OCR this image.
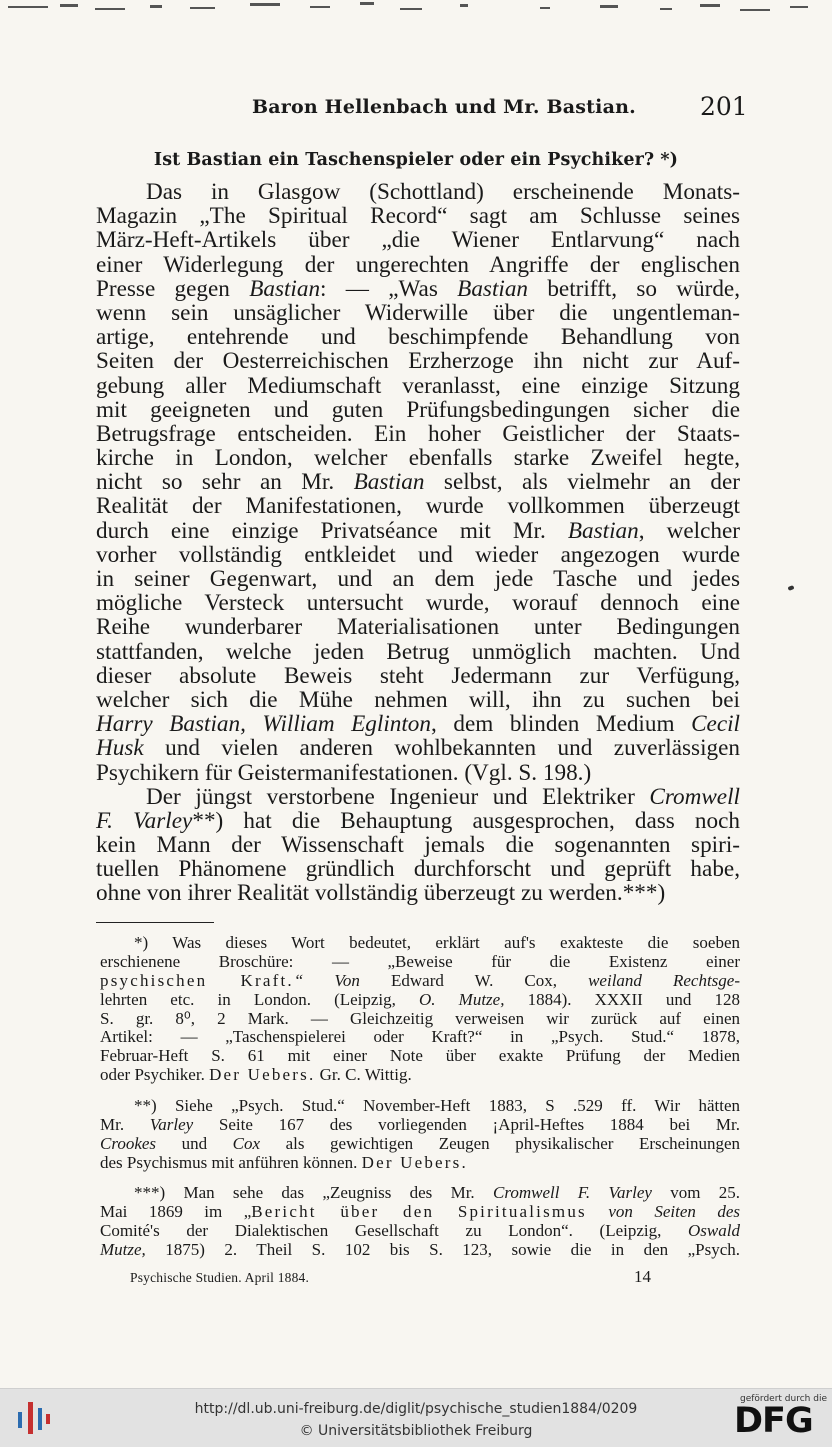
Baron Hellenbach und Mr. Bastian.	201
Ist Bastian ein Taschenspieler oder ein Psychiker? *)
Das in Glasgow (Schottland) erscheinende Monats-
Magazin „The Spiritual Record“ sagt am Schlusse seines
März-Heft-Artikels über „die Wiener Entlarvung“ nach
einer Widerlegung der ungerechten Angriffe der englischen
Presse gegen Bastian: — „Was Bastian betrifft, so würde,
wenn sein unsäglicher Widerwille über die ungentleman-
artige, entehrende und beschimpfende Behandlung von
Seiten der Oesterreichischen Erzherzoge ihn nicht zur Auf-
gebung aller Mediumschaft veranlasst, eine einzige Sitzung
mit geeigneten und guten Prüfungsbedingungen sicher die
Betrugsfrage entscheiden. Ein hoher Geistlicher der Staats-
kirche in London, welcher ebenfalls starke Zweifel hegte,
nicht so sehr an Mr. Bastian selbst, als vielmehr an der
Realität der Manifestationen, wurde vollkommen überzeugt
durch eine einzige Privatséance mit Mr. Bastian, welcher
vorher vollständig entkleidet und wieder angezogen wurde
in seiner Gegenwart, und an dem jede Tasche und jedes
mögliche Versteck untersucht wurde, worauf dennoch eine
Reihe wunderbarer Materialisationen unter Bedingungen
stattfanden, welche jeden Betrug unmöglich machten. Und
dieser absolute Beweis steht Jedermann zur Verfügung,
welcher sich die Mühe nehmen will, ihn zu suchen bei
Harry Bastian, William Eglinton, dem blinden Medium Cecil
Husk und vielen anderen wohlbekannten und zuverlässigen
Psychikern für Geistermanifestationen. (Vgl. S. 198.)
Der jüngst verstorbene Ingenieur und Elektriker Cromwell
F. Varley**) hat die Behauptung ausgesprochen, dass noch
kein Mann der Wissenschaft jemals die sogenannten spiri-
tuellen Phänomene gründlich durchforscht und geprüft habe,
ohne von ihrer Realität vollständig überzeugt zu werden.***)
*) Was dieses Wort bedeutet, erklärt auf's exakteste die soeben
erschienene Broschüre: — „Beweise für die Existenz einer
psychischen Kraft.“ Von Edward W. Cox, weiland Rechtsge-
lehrten etc. in London. (Leipzig, O. Mutze, 1884). XXXII und 128
S. gr. 8⁰, 2 Mark. — Gleichzeitig verweisen wir zurück auf einen
Artikel: — „Taschenspielerei oder Kraft?“ in „Psych. Stud.“ 1878,
Februar-Heft S. 61 mit einer Note über exakte Prüfung der Medien
oder Psychiker. Der Uebers. Gr. C. Wittig.
**) Siehe „Psych. Stud.“ November-Heft 1883, S .529 ff. Wir hätten
Mr. Varley Seite 167 des vorliegenden ¡April-Heftes 1884 bei Mr.
Crookes und Cox als gewichtigen Zeugen physikalischer Erscheinungen
des Psychismus mit anführen können. Der Uebers.
***) Man sehe das „Zeugniss des Mr. Cromwell F. Varley vom 25.
Mai 1869 im „Bericht über den Spiritualismus von Seiten des
Comité's der Dialektischen Gesellschaft zu London“. (Leipzig, Oswald
Mutze, 1875) 2. Theil S. 102 bis S. 123, sowie die in den „Psych.
Psychische Studien. April 1884.	14
http://dl.ub.uni-freiburg.de/diglit/psychische_studien1884/0209
© Universitätsbibliothek Freiburg
gefördert durch die
DFG
